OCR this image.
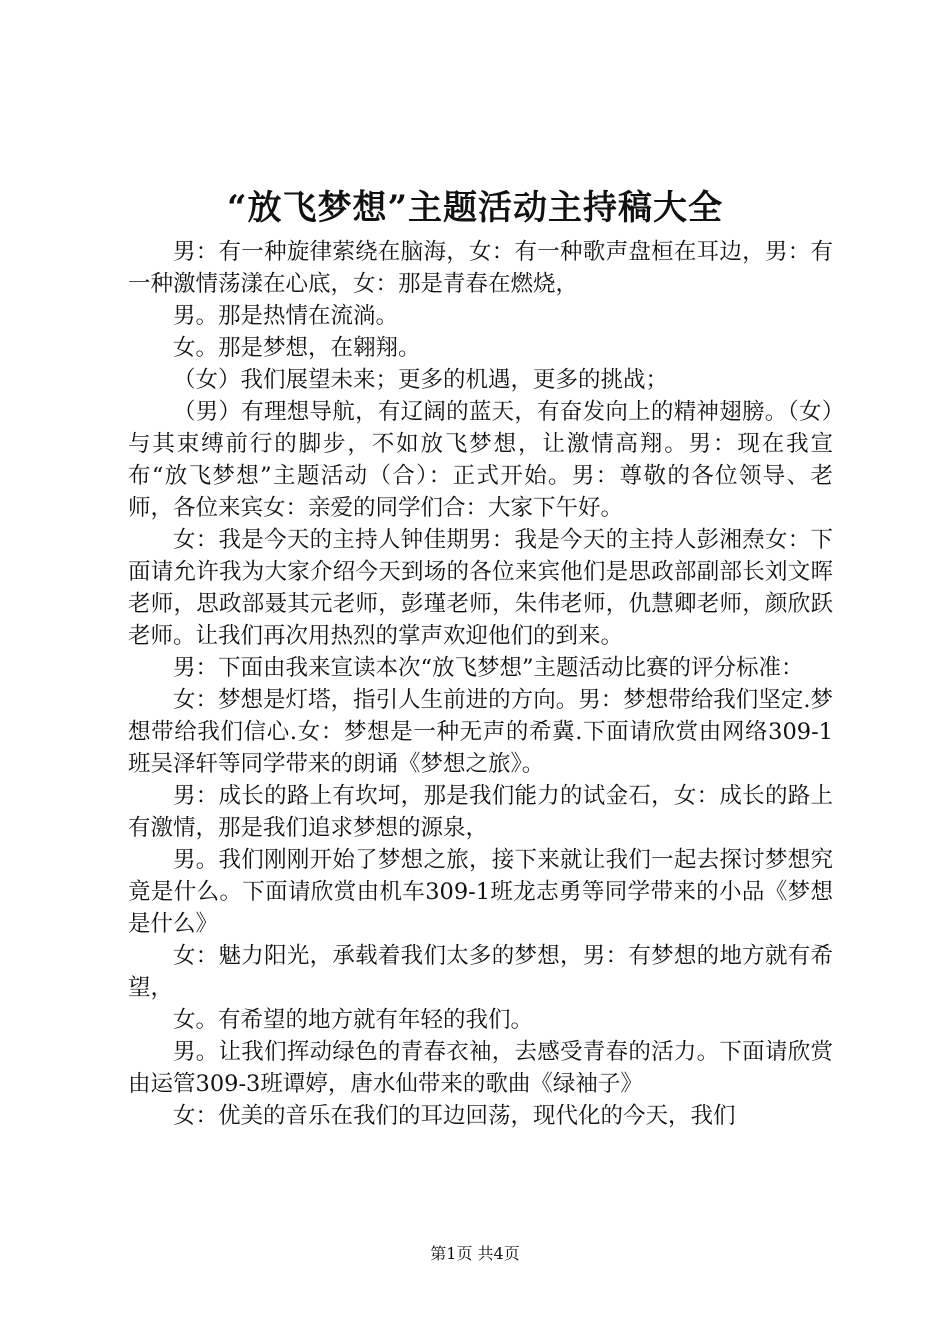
“放飞梦想”主题活动主持稿大全

男：有一种旋律萦绕在脑海，女：有一种歌声盘桓在耳边，男：有一种激情荡漾在心底，女：那是青春在燃烧，

男。那是热情在流淌。

女。那是梦想，在翱翔。

（女）我们展望未来；更多的机遇，更多的挑战；

（男）有理想导航，有辽阔的蓝天，有奋发向上的精神翅膀。（女）与其束缚前行的脚步，不如放飞梦想，让激情高翔。男：现在我宣布“放飞梦想”主题活动（合）：正式开始。男：尊敬的各位领导、老师，各位来宾女：亲爱的同学们合：大家下午好。

女：我是今天的主持人钟佳期男：我是今天的主持人彭湘焘女：下面请允许我为大家介绍今天到场的各位来宾他们是思政部副部长刘文晖老师，思政部聂其元老师，彭瑾老师，朱伟老师，仇慧卿老师，颜欣跃老师。让我们再次用热烈的掌声欢迎他们的到来。

男：下面由我来宣读本次“放飞梦想”主题活动比赛的评分标准：

女：梦想是灯塔，指引人生前进的方向。男：梦想带给我们坚定.梦想带给我们信心.女：梦想是一种无声的希冀.下面请欣赏由网络309-1班吴泽轩等同学带来的朗诵《梦想之旅》。

男：成长的路上有坎坷，那是我们能力的试金石，女：成长的路上有激情，那是我们追求梦想的源泉，

男。我们刚刚开始了梦想之旅，接下来就让我们一起去探讨梦想究竟是什么。下面请欣赏由机车309-1班龙志勇等同学带来的小品《梦想是什么》

女：魅力阳光，承载着我们太多的梦想，男：有梦想的地方就有希望，

女。有希望的地方就有年轻的我们。

男。让我们挥动绿色的青春衣袖，去感受青春的活力。下面请欣赏由运管309-3班谭婷，唐水仙带来的歌曲《绿袖子》

女：优美的音乐在我们的耳边回荡，现代化的今天，我们

第1页 共4页
